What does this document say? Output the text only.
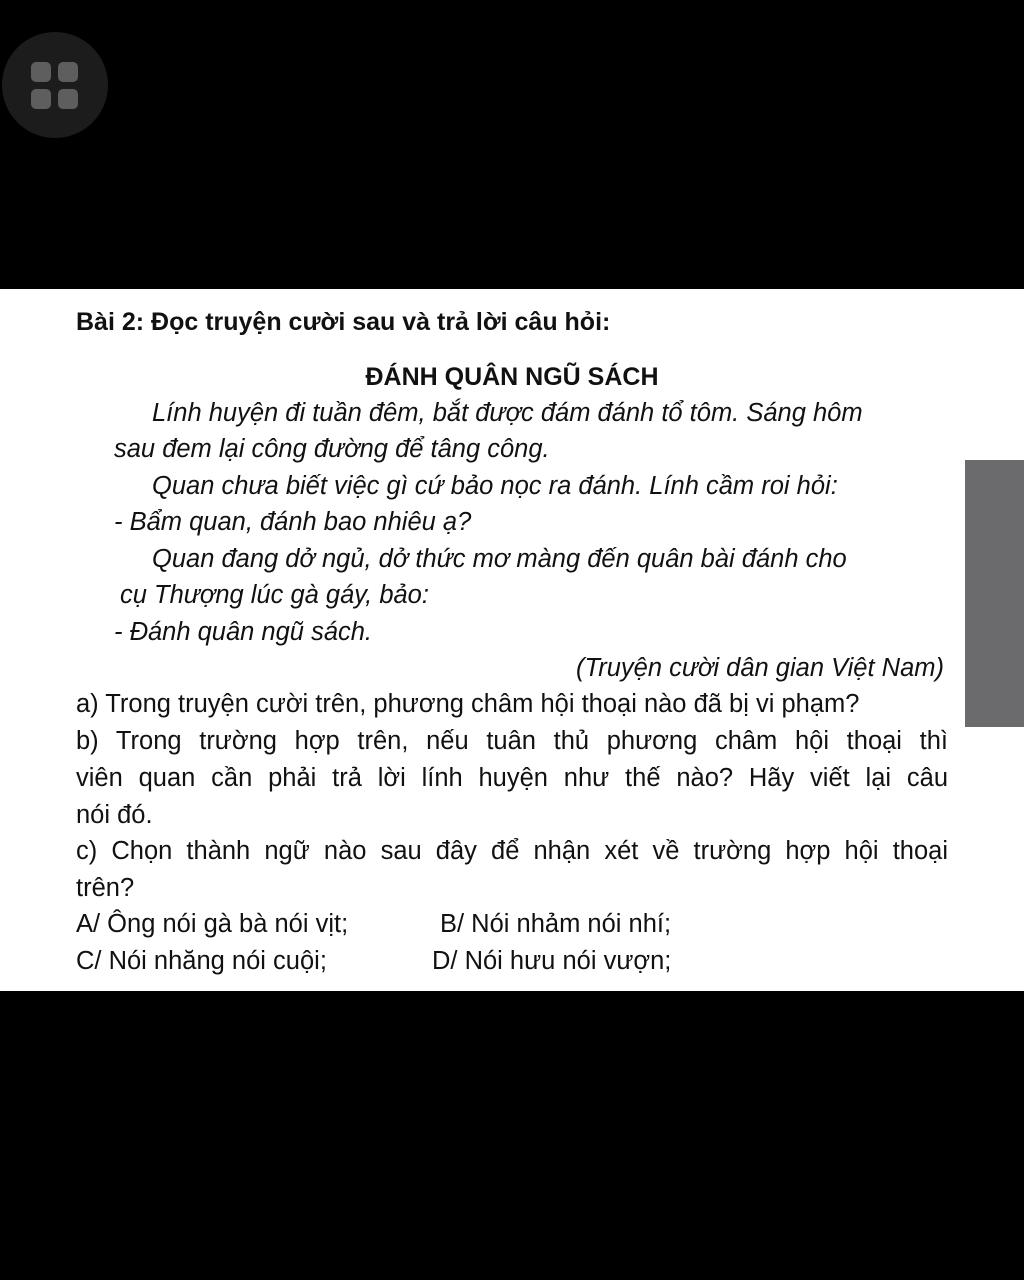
Bài 2: Đọc truyện cười sau và trả lời câu hỏi:
ĐÁNH QUÂN NGŨ SÁCH
Lính huyện đi tuần đêm, bắt được đám đánh tổ tôm. Sáng hôm
sau đem lại công đường để tâng công.
Quan chưa biết việc gì cứ bảo nọc ra đánh. Lính cầm roi hỏi:
- Bẩm quan, đánh bao nhiêu ạ?
Quan đang dở ngủ, dở thức mơ màng đến quân bài đánh cho
cụ Thượng lúc gà gáy, bảo:
- Đánh quân ngũ sách.
(Truyện cười dân gian Việt Nam)
a) Trong truyện cười trên, phương châm hội thoại nào đã bị vi phạm?
b) Trong trường hợp trên, nếu tuân thủ phương châm hội thoại thì
viên quan cần phải trả lời lính huyện như thế nào? Hãy viết lại câu
nói đó.
c) Chọn thành ngữ nào sau đây để nhận xét về trường hợp hội thoại
trên?
A/ Ông nói gà bà nói vịt;	B/ Nói nhảm nói nhí;
C/ Nói nhăng nói cuội;	D/ Nói hưu nói vượn;
